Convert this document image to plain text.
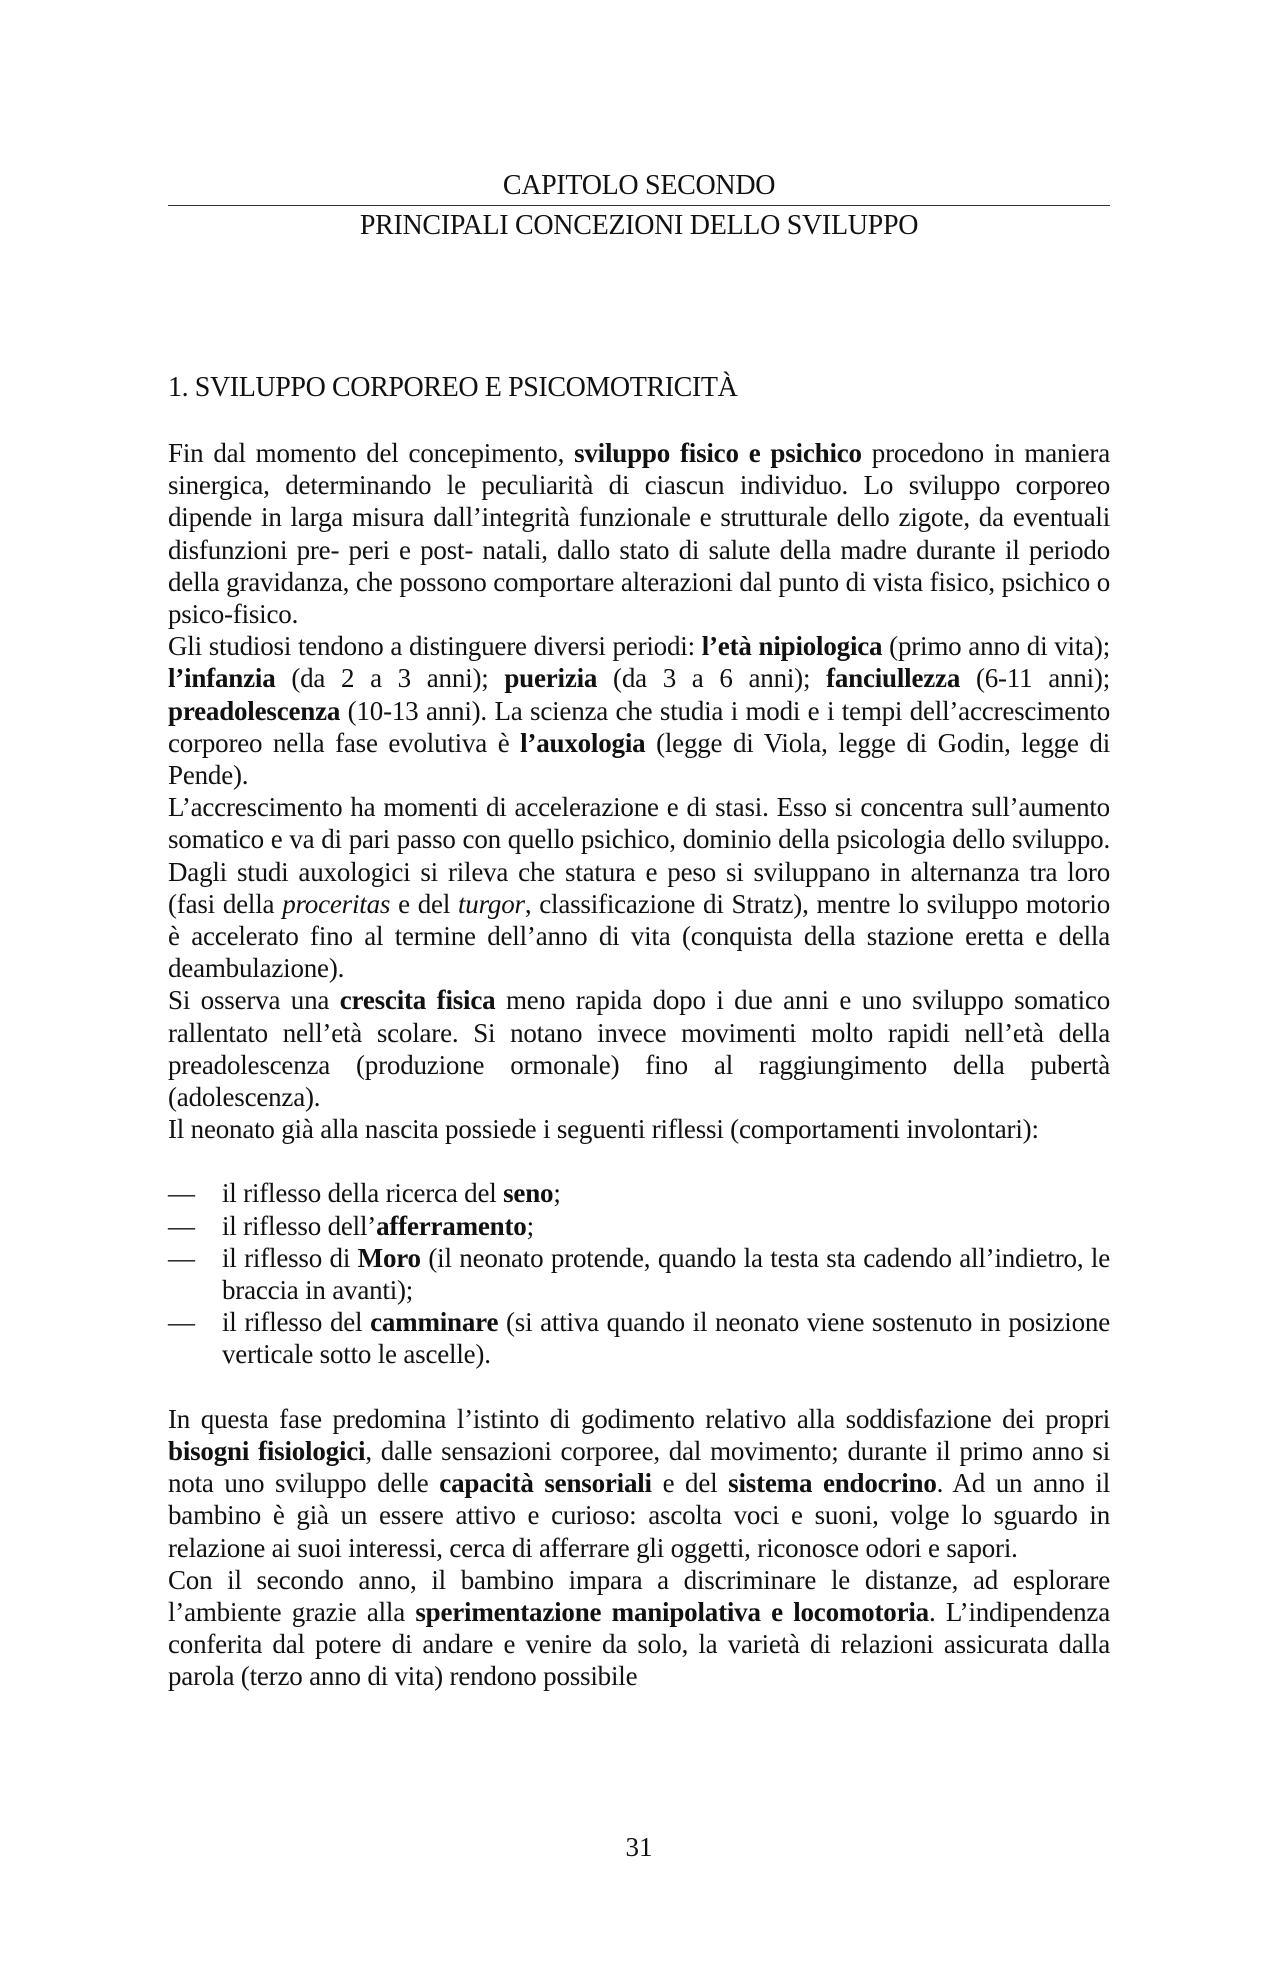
CAPITOLO SECONDO
PRINCIPALI CONCEZIONI DELLO SVILUPPO
1. SVILUPPO CORPOREO E PSICOMOTRICITÀ

Fin dal momento del concepimento, sviluppo fisico e psichico procedono in maniera sinergica, determinando le peculiarità di ciascun individuo. Lo sviluppo corporeo dipende in larga misura dall’integrità funzionale e strutturale dello zigote, da eventuali disfunzioni pre- peri e post- natali, dallo stato di salute della madre durante il periodo della gravidanza, che possono comportare alterazioni dal punto di vista fisico, psichico o psico-fisico.

Gli studiosi tendono a distinguere diversi periodi: l’età nipiologica (primo anno di vita); l’infanzia (da 2 a 3 anni); puerizia (da 3 a 6 anni); fanciullezza (6-11 anni); preadolescenza (10-13 anni). La scienza che studia i modi e i tempi dell’accrescimento corporeo nella fase evolutiva è l’auxologia (legge di Viola, legge di Godin, legge di Pende).

L’accrescimento ha momenti di accelerazione e di stasi. Esso si concentra sull’aumento somatico e va di pari passo con quello psichico, dominio della psicologia dello sviluppo. Dagli studi auxologici si rileva che statura e peso si sviluppano in alternanza tra loro (fasi della proceritas e del turgor, classificazione di Stratz), mentre lo sviluppo motorio è accelerato fino al termine dell’anno di vita (conquista della stazione eretta e della deambulazione).

Si osserva una crescita fisica meno rapida dopo i due anni e uno sviluppo somatico rallentato nell’età scolare. Si notano invece movimenti molto rapidi nell’età della preadolescenza (produzione ormonale) fino al raggiungimento della pubertà (adolescenza).

Il neonato già alla nascita possiede i seguenti riflessi (comportamenti involontari):

— il riflesso della ricerca del seno;
— il riflesso dell’afferramento;
— il riflesso di Moro (il neonato protende, quando la testa sta cadendo all’indietro, le braccia in avanti);
— il riflesso del camminare (si attiva quando il neonato viene sostenuto in posizione verticale sotto le ascelle).

In questa fase predomina l’istinto di godimento relativo alla soddisfazione dei propri bisogni fisiologici, dalle sensazioni corporee, dal movimento; durante il primo anno si nota uno sviluppo delle capacità sensoriali e del sistema endocrino. Ad un anno il bambino è già un essere attivo e curioso: ascolta voci e suoni, volge lo sguardo in relazione ai suoi interessi, cerca di afferrare gli oggetti, riconosce odori e sapori.

Con il secondo anno, il bambino impara a discriminare le distanze, ad esplorare l’ambiente grazie alla sperimentazione manipolativa e locomotoria. L’indipendenza conferita dal potere di andare e venire da solo, la varietà di relazioni assicurata dalla parola (terzo anno di vita) rendono possibile

31
